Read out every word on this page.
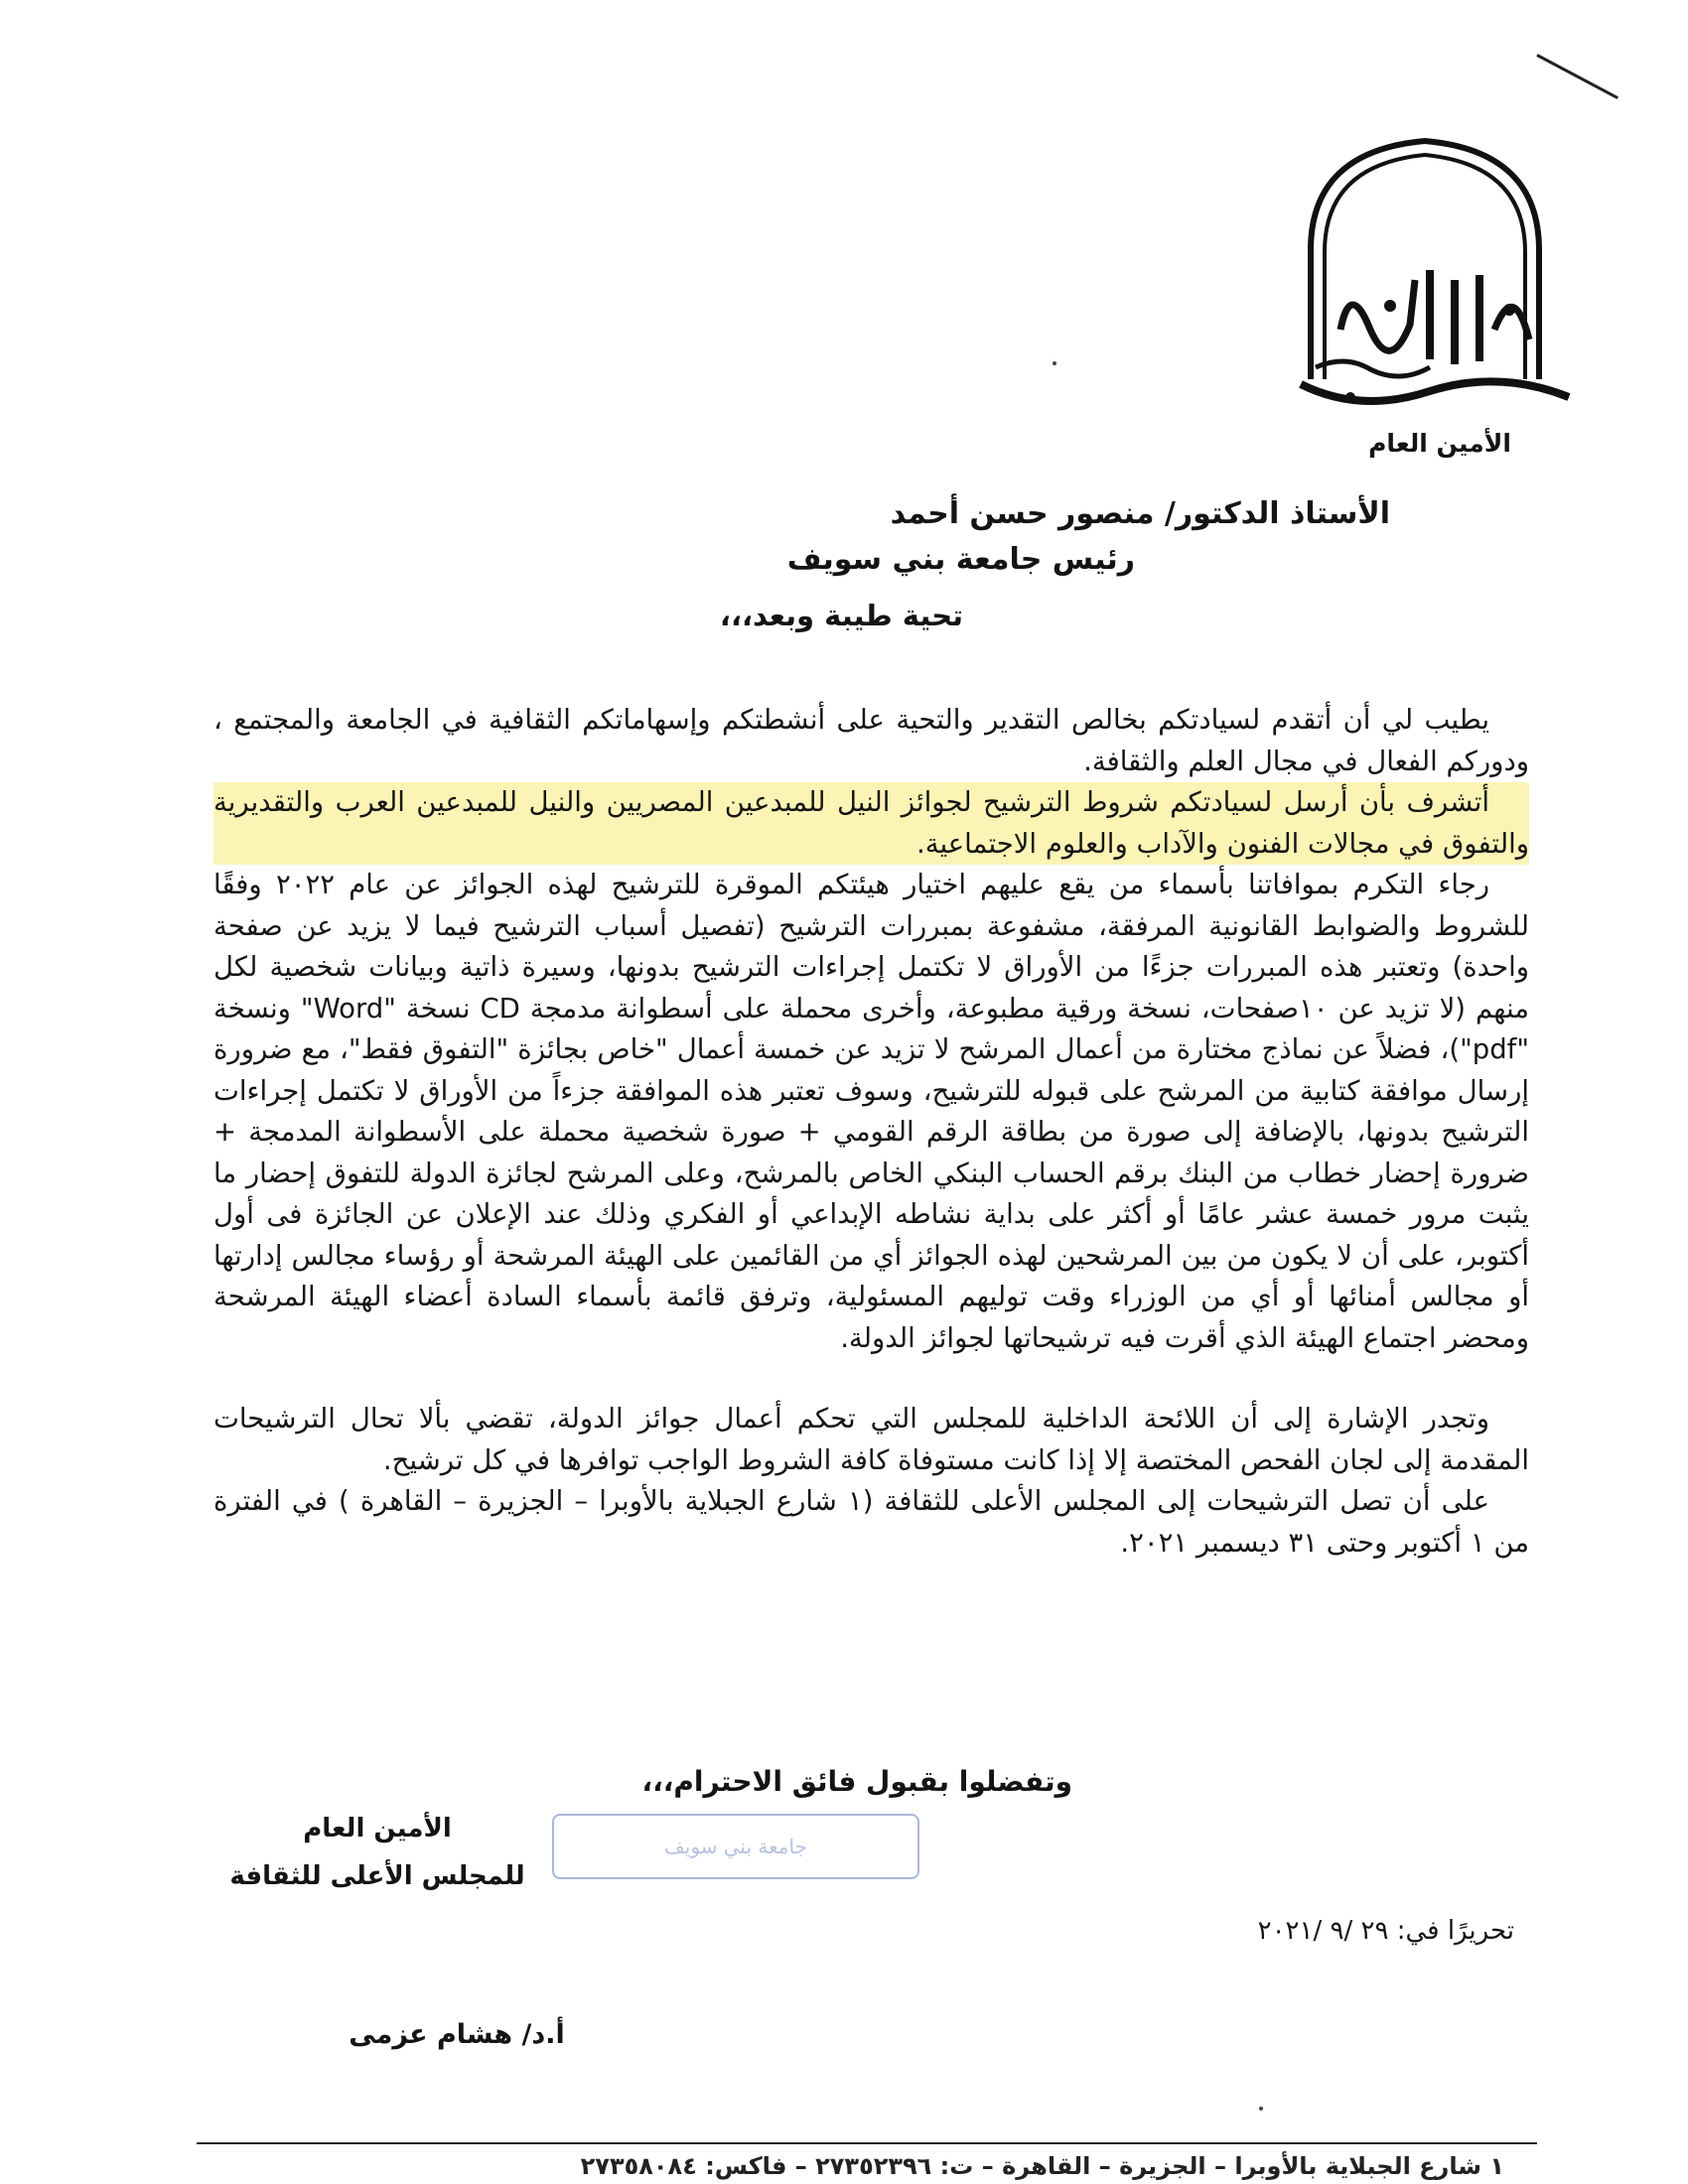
الأمين العام
الأستاذ الدكتور/ منصور حسن أحمد
رئيس جامعة بني سويف
تحية طيبة وبعد،،،

يطيب لي أن أتقدم لسيادتكم بخالص التقدير والتحية على أنشطتكم وإسهاماتكم الثقافية في الجامعة والمجتمع ، ودوركم الفعال في مجال العلم والثقافة.

أتشرف بأن أرسل لسيادتكم شروط الترشيح لجوائز النيل للمبدعين المصريين والنيل للمبدعين العرب والتقديرية والتفوق في مجالات الفنون والآداب والعلوم الاجتماعية.

رجاء التكرم بموافاتنا بأسماء من يقع عليهم اختيار هيئتكم الموقرة للترشيح لهذه الجوائز عن عام ٢٠٢٢ وفقًا للشروط والضوابط القانونية المرفقة، مشفوعة بمبررات الترشيح (تفصيل أسباب الترشيح فيما لا يزيد عن صفحة واحدة) وتعتبر هذه المبررات جزءًا من الأوراق لا تكتمل إجراءات الترشيح بدونها، وسيرة ذاتية وبيانات شخصية لكل منهم (لا تزيد عن ١٠صفحات، نسخة ورقية مطبوعة، وأخرى محملة على أسطوانة مدمجة CD نسخة "Word" ونسخة "pdf")، فضلاً عن نماذج مختارة من أعمال المرشح لا تزيد عن خمسة أعمال "خاص بجائزة "التفوق فقط"، مع ضرورة إرسال موافقة كتابية من المرشح على قبوله للترشيح، وسوف تعتبر هذه الموافقة جزءاً من الأوراق لا تكتمل إجراءات الترشيح بدونها، بالإضافة إلى صورة من بطاقة الرقم القومي + صورة شخصية محملة على الأسطوانة المدمجة + ضرورة إحضار خطاب من البنك برقم الحساب البنكي الخاص بالمرشح، وعلى المرشح لجائزة الدولة للتفوق إحضار ما يثبت مرور خمسة عشر عامًا أو أكثر على بداية نشاطه الإبداعي أو الفكري وذلك عند الإعلان عن الجائزة فى أول أكتوبر، على أن لا يكون من بين المرشحين لهذه الجوائز أي من القائمين على الهيئة المرشحة أو رؤساء مجالس إدارتها أو مجالس أمنائها أو أي من الوزراء وقت توليهم المسئولية، وترفق قائمة بأسماء السادة أعضاء الهيئة المرشحة ومحضر اجتماع الهيئة الذي أقرت فيه ترشيحاتها لجوائز الدولة.

وتجدر الإشارة إلى أن اللائحة الداخلية للمجلس التي تحكم أعمال جوائز الدولة، تقضي بألا تحال الترشيحات المقدمة إلى لجان الفحص المختصة إلا إذا كانت مستوفاة كافة الشروط الواجب توافرها في كل ترشيح.

على أن تصل الترشيحات إلى المجلس الأعلى للثقافة (١ شارع الجبلاية بالأوبرا – الجزيرة – القاهرة ) في الفترة من ١ أكتوبر وحتى ٣١ ديسمبر ٢٠٢١.

وتفضلوا بقبول فائق الاحترام،،،
الأمين العام
للمجلس الأعلى للثقافة
جامعة بني سويف
تحريرًا في: ٢٩ /٩ /٢٠٢١
أ.د/ هشام عزمى
١ شارع الجبلاية بالأوبرا – الجزيرة – القاهرة – ت: ٢٧٣٥٢٣٩٦ – فاكس: ٢٧٣٥٨٠٨٤
